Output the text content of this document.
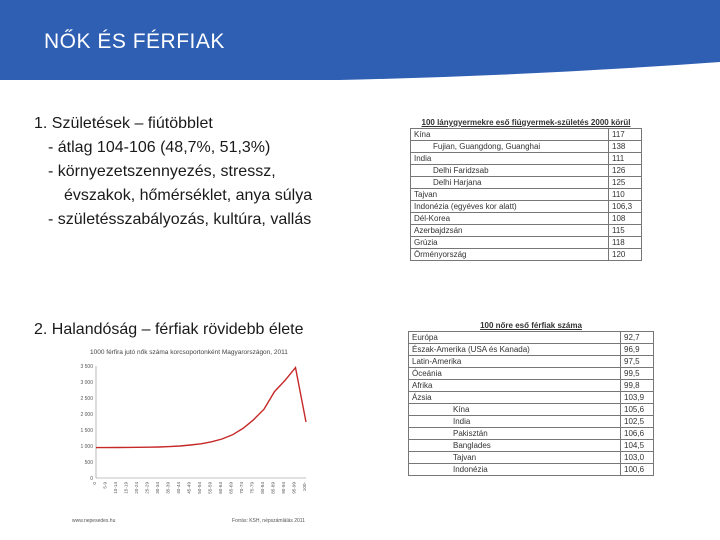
NŐK ÉS FÉRFIAK
1. Születések – fiútöbblet
- átlag 104-106 (48,7%, 51,3%)
- környezetszennyezés, stressz,
évszakok, hőmérséklet, anya súlya
- születésszabályozás, kultúra, vallás
2. Halandóság – férfiak rövidebb élete
100 lánygyermekre eső fiúgyermek-születés 2000 körül	
Kína	117
Fujian, Guangdong, Guanghai	138
India	111
Delhi Faridzsab	126
Delhi Harjana	125
Tajvan	110
Indonézia (egyéves kor alatt)	106,3
Dél-Korea	108
Azerbajdzsán	115
Grúzia	118
Örményország	120
100 nőre eső férfiak száma	
Európa	92,7
Észak-Amerika (USA és Kanada)	96,9
Latin-Amerika	97,5
Óceánia	99,5
Afrika	99,8
Ázsia	103,9
Kína	105,6
India	102,5
Pakisztán	106,6
Banglades	104,5
Tajvan	103,0
Indonézia	100,6
1000 férfira jutó nők száma korcsoportonként Magyarországon, 2011
0
500
1 000
1 500
2 000
2 500
3 000
3 500
0 5-9 10-14 15-19 20-24 25-29 30-34 35-39 40-44 45-49 50-54 55-59 60-64 65-69 70-74 75-79 80-84 85-89 90-94 95-99 100-
www.nepesedes.hu	Forrás: KSH, népszámlálás 2011
